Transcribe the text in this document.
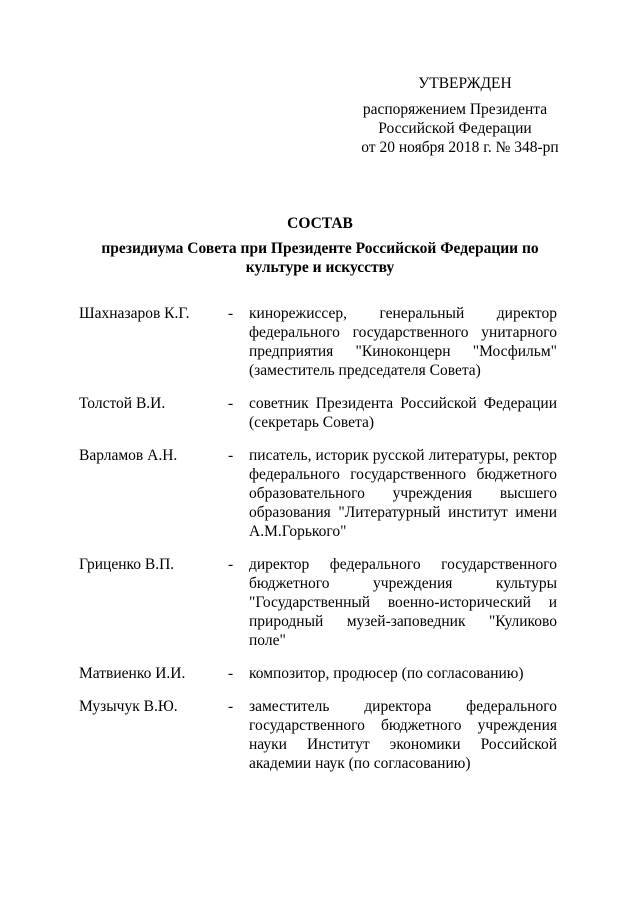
УТВЕРЖДЕН
распоряжением Президента
Российской Федерации
от 20 ноября 2018 г. № 348-рп
СОСТАВ
президиума Совета при Президенте Российской Федерации по культуре и искусству
Шахназаров К.Г.	-	кинорежиссер, генеральный директор федерального государственного унитарного предприятия "Киноконцерн "Мосфильм" (заместитель председателя Совета)
Толстой В.И.	-	советник Президента Российской Федерации (секретарь Совета)
Варламов А.Н.	-	писатель, историк русской литературы, ректор федерального государственного бюджетного образовательного учреждения высшего образования "Литературный институт имени А.М.Горького"
Гриценко В.П.	-	директор федерального государственного бюджетного учреждения культуры "Государственный военно-исторический и природный музей-заповедник "Куликово поле"
Матвиенко И.И.	-	композитор, продюсер (по согласованию)
Музычук В.Ю.	-	заместитель директора федерального государственного бюджетного учреждения науки Институт экономики Российской академии наук (по согласованию)
